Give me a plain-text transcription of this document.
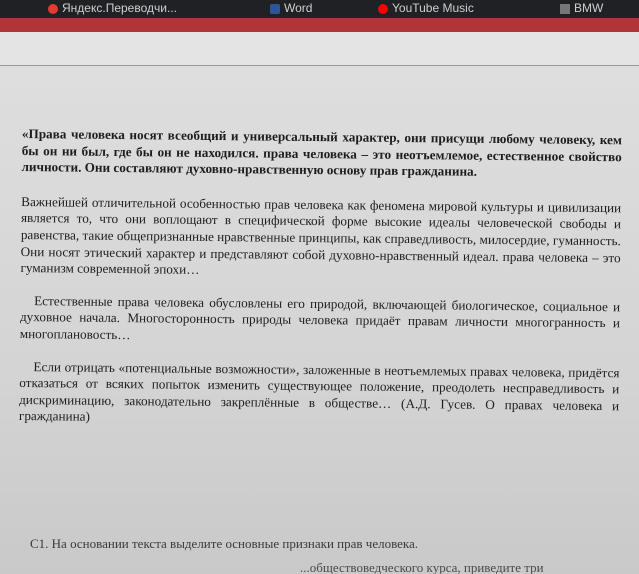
Яндекс.Переводчи...	Word	YouTube Music	BMW

«Права человека носят всеобщий и универсальный характер, они присущи любому человеку, кем бы он ни был, где бы он не находился. права человека – это неотъемлемое, естественное свойство личности. Они составляют духовно-нравственную основу прав гражданина.

Важнейшей отличительной особенностью прав человека как феномена мировой культуры и цивилизации является то, что они воплощают в специфической форме высокие идеалы человеческой свободы и равенства, такие общепризнанные нравственные принципы, как справедливость, милосердие, гуманность. Они носят этический характер и представляют собой духовно-нравственный идеал. права человека – это гуманизм современной эпохи…

Естественные права человека обусловлены его природой, включающей биологическое, социальное и духовное начала. Многосторонность природы человека придаёт правам личности многогранность и многоплановость…

Если отрицать «потенциальные возможности», заложенные в неотъемлемых правах человека, придётся отказаться от всяких попыток изменить существующее положение, преодолеть несправедливость и дискриминацию, законодательно закреплённые в обществе… (А.Д. Гусев. О правах человека и гражданина)

С1. На основании текста выделите основные признаки прав человека.
...обществоведческого курса, приведите три
